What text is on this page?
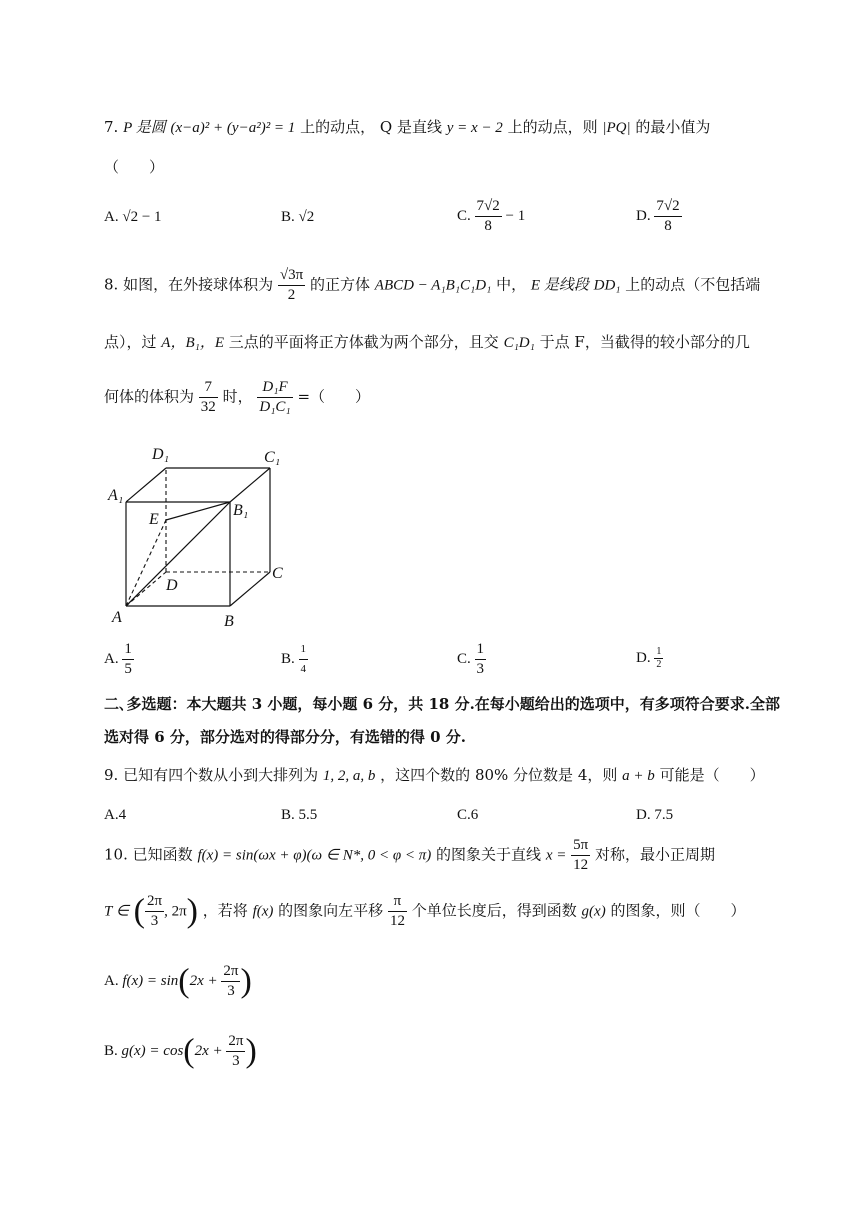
7. P 是圆 (x−a)² + (y−a²)² = 1 上的动点， Q 是直线 y = x − 2 上的动点，则 |PQ| 的最小值为
（　　）
A. √2 − 1	B. √2	C. $\frac{7√2}{8} - 1$	D. $\frac{7√2}{8}$
8. 如图，在外接球体积为 $\frac{√3\pi}{2}$ 的正方体 ABCD − A₁B₁C₁D₁ 中， E 是线段 DD₁ 上的动点（不包括端
点），过 A，B₁，E 三点的平面将正方体截为两个部分，且交 C₁D₁ 于点 F，当截得的较小部分的几
何体的体积为 $\frac{7}{32}$ 时， $\frac{\text{D₁F}}{\text{D₁C₁}}$ =（　　）
D₁	C₁
A₁
B₁
E
D
C
A	B
A. $\frac{1}{5}$	B. $\frac{1}{4}$	C. $\frac{1}{3}$	D. $\frac{1}{2}$
二､多选题：本大题共 3 小题，每小题 6 分，共 18 分.在每小题给出的选项中，有多项符合要求.全部
选对得 6 分，部分选对的得部分分，有选错的得 0 分.
9. 已知有四个数从小到大排列为 1, 2, a, b ，这四个数的 80% 分位数是 4，则 a + b 可能是（　　）
A.4	B. 5.5	C.6	D. 7.5
10. 已知函数 f(x) = sin(ωx + φ)(ω ∈ N*, 0 < φ < π) 的图象关于直线 $x = \frac{5\pi}{12}$ 对称，最小正周期
T ∈ ( $\frac{2\pi}{3}$ , 2π) ，若将 f(x) 的图象向左平移 $\frac{\pi}{12}$ 个单位长度后，得到函数 g(x) 的图象，则（　　）
A. $f(x) = \sin(2x + \frac{2\pi}{3}$ )
B. $g(x) = \cos(2x + \frac{2\pi}{3}$ )
